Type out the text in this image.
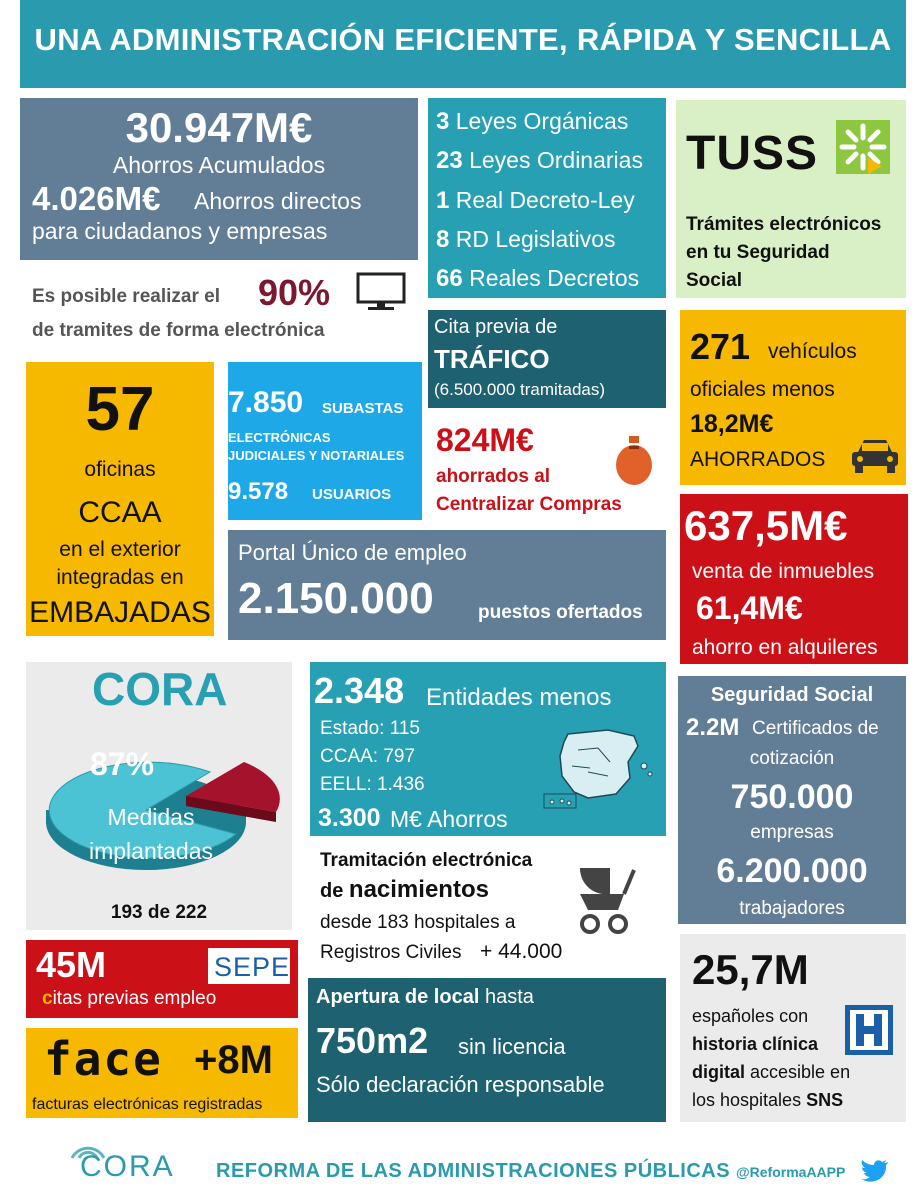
UNA ADMINISTRACIÓN EFICIENTE, RÁPIDA Y SENCILLA
30.947M€
Ahorros Acumulados
4.026M€ Ahorros directos
para ciudadanos y empresas
Es posible realizar el 90%
de tramites de forma electrónica
3 Leyes Orgánicas
23 Leyes Ordinarias
1 Real Decreto-Ley
8 RD Legislativos
66 Reales Decretos
TUSS
Trámites electrónicos
en tu Seguridad
Social
Cita previa de
TRÁFICO
(6.500.000 tramitadas)
824M€
ahorrados al
Centralizar Compras
271 vehículos
oficiales menos
18,2M€
AHORRADOS
57
oficinas
CCAA
en el exterior
integradas en
EMBAJADAS
7.850 SUBASTAS
ELECTRÓNICAS
JUDICIALES Y NOTARIALES
9.578 USUARIOS
Portal Único de empleo
2.150.000 puestos ofertados
637,5M€
venta de inmuebles
61,4M€
ahorro en alquileres
CORA
87%
Medidas
implantadas
193 de 222
2.348 Entidades menos
Estado: 115
CCAA: 797
EELL: 1.436
3.300 M€ Ahorros
Tramitación electrónica
de nacimientos
desde 183 hospitales a
Registros Civiles + 44.000
Seguridad Social
2.2M Certificados de
cotización
750.000
empresas
6.200.000
trabajadores
45M
citas previas empleo
SEPE
face +8M
facturas electrónicas registradas
Apertura de local hasta
750m2 sin licencia
Sólo declaración responsable
25,7M
españoles con
historia clínica
digital accesible en
los hospitales SNS
CORA REFORMA DE LAS ADMINISTRACIONES PÚBLICAS @ReformaAAPP
